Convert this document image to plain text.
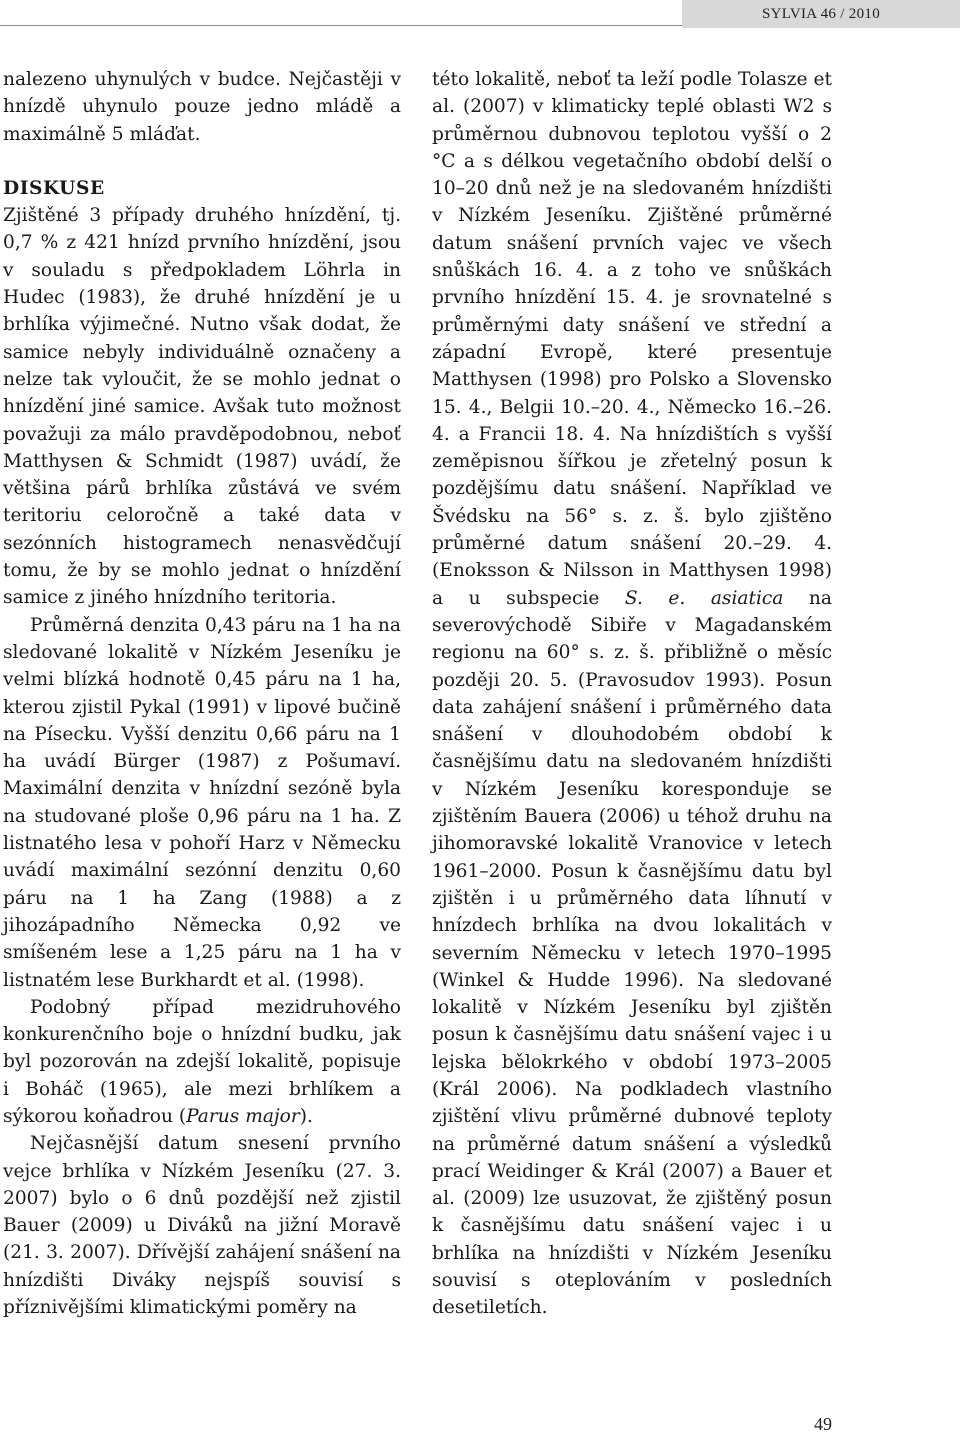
SYLVIA 46 / 2010

nalezeno uhynulých v budce. Nejčastěji v hnízdě uhynulo pouze jedno mládě a maximálně 5 mláďat.

DISKUSE

Zjištěné 3 případy druhého hnízdění, tj. 0,7 % z 421 hnízd prvního hnízdění, jsou v souladu s předpokladem Löhrla in Hudec (1983), že druhé hnízdění je u brhlíka výjimečné. Nutno však dodat, že samice nebyly individuálně označeny a nelze tak vyloučit, že se mohlo jednat o hnízdění jiné samice. Avšak tuto možnost považuji za málo pravděpodobnou, neboť Matthysen & Schmidt (1987) uvádí, že většina párů brhlíka zůstává ve svém teritoriu celoročně a také data v sezónních histogramech nenasvědčují tomu, že by se mohlo jednat o hnízdění samice z jiného hnízdního teritoria.

Průměrná denzita 0,43 páru na 1 ha na sledované lokalitě v Nízkém Jeseníku je velmi blízká hodnotě 0,45 páru na 1 ha, kterou zjistil Pykal (1991) v lipové bučině na Písecku. Vyšší denzitu 0,66 páru na 1 ha uvádí Bürger (1987) z Pošumaví. Maximální denzita v hnízdní sezóně byla na studované ploše 0,96 páru na 1 ha. Z listnatého lesa v pohoří Harz v Německu uvádí maximální sezónní denzitu 0,60 páru na 1 ha Zang (1988) a z jihozápadního Německa 0,92 ve smíšeném lese a 1,25 páru na 1 ha v listnatém lese Burkhardt et al. (1998).

Podobný případ mezidruhového konkurenčního boje o hnízdní budku, jak byl pozorován na zdejší lokalitě, popisuje i Boháč (1965), ale mezi brhlíkem a sýkorou koňadrou (Parus major).

Nejčasnější datum snesení prvního vejce brhlíka v Nízkém Jeseníku (27. 3. 2007) bylo o 6 dnů pozdější než zjistil Bauer (2009) u Diváků na jižní Moravě (21. 3. 2007). Dřívější zahájení snášení na hnízdišti Diváky nejspíš souvisí s příznivějšími klimatickými poměry na

této lokalitě, neboť ta leží podle Tolasze et al. (2007) v klimaticky teplé oblasti W2 s průměrnou dubnovou teplotou vyšší o 2 °C a s délkou vegetačního období delší o 10–20 dnů než je na sledovaném hnízdišti v Nízkém Jeseníku. Zjištěné průměrné datum snášení prvních vajec ve všech snůškách 16. 4. a z toho ve snůškách prvního hnízdění 15. 4. je srovnatelné s průměrnými daty snášení ve střední a západní Evropě, které presentuje Matthysen (1998) pro Polsko a Slovensko 15. 4., Belgii 10.–20. 4., Německo 16.–26. 4. a Francii 18. 4. Na hnízdištích s vyšší zeměpisnou šířkou je zřetelný posun k pozdějšímu datu snášení. Například ve Švédsku na 56° s. z. š. bylo zjištěno průměrné datum snášení 20.–29. 4. (Enoksson & Nilsson in Matthysen 1998) a u subspecie S. e. asiatica na severovýchodě Sibiře v Magadanském regionu na 60° s. z. š. přibližně o měsíc později 20. 5. (Pravosudov 1993). Posun data zahájení snášení i průměrného data snášení v dlouhodobém období k časnějšímu datu na sledovaném hnízdišti v Nízkém Jeseníku koresponduje se zjištěním Bauera (2006) u téhož druhu na jihomoravské lokalitě Vranovice v letech 1961–2000. Posun k časnějšímu datu byl zjištěn i u průměrného data líhnutí v hnízdech brhlíka na dvou lokalitách v severním Německu v letech 1970–1995 (Winkel & Hudde 1996). Na sledované lokalitě v Nízkém Jeseníku byl zjištěn posun k časnějšímu datu snášení vajec i u lejska bělokrkého v období 1973–2005 (Král 2006). Na podkladech vlastního zjištění vlivu průměrné dubnové teploty na průměrné datum snášení a výsledků prací Weidinger & Král (2007) a Bauer et al. (2009) lze usuzovat, že zjištěný posun k časnějšímu datu snášení vajec i u brhlíka na hnízdišti v Nízkém Jeseníku souvisí s oteplováním v posledních desetiletích.

49
